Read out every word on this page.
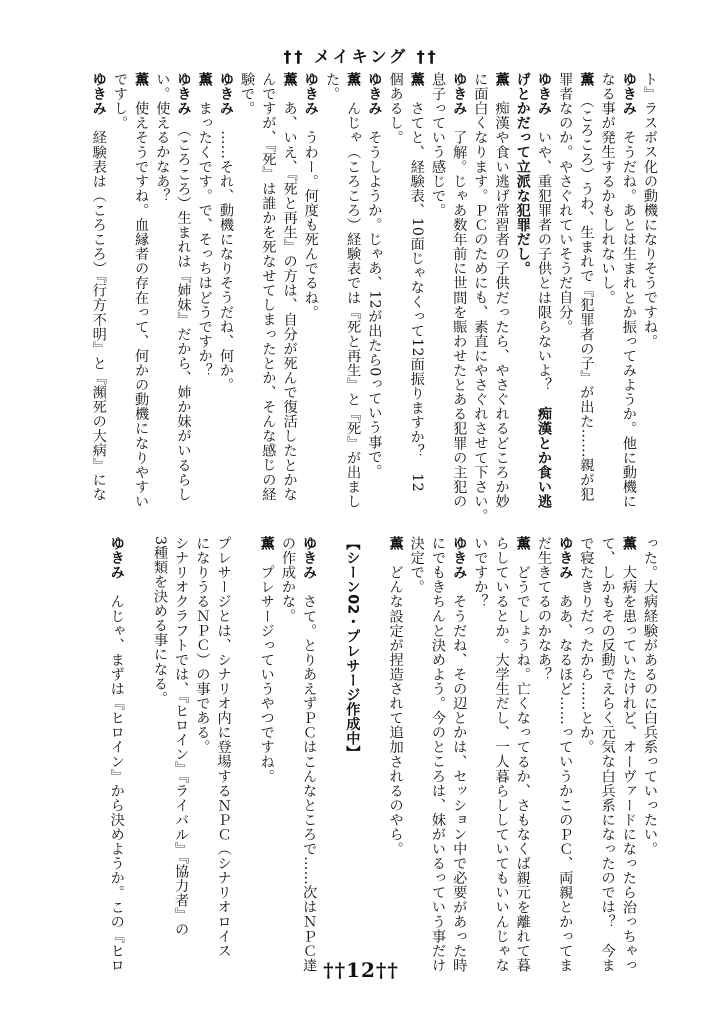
†† メイキング ††
ト』ラスボス化の動機になりそうですね。
ゆきみ　そうだね。あとは生まれとか振ってみようか。他に動機に
なる事が発生するかもしれないし。
薫　（ころころ）うわ、生まれで『犯罪者の子』が出た……親が犯
罪者なのか。やさぐれていそうだ自分。
ゆきみ　いや、重犯罪者の子供とは限らないよ？　痴漢とか食い逃
げとかだって立派な犯罪だし。
薫　痴漢や食い逃げ常習者の子供だったら、やさぐれるどころか妙
に面白くなります。ＰＣのためにも、素直にやさぐれさせて下さい。
ゆきみ　了解。じゃあ数年前に世間を賑わせたとある犯罪の主犯の
息子っていう感じで。
薫　さてと、経験表、10面じゃなくって12面振りますか？　12
個あるし。
ゆきみ　そうしようか。じゃあ、12が出たら0っていう事で。
薫　んじゃ（ころころ）経験表では『死と再生』と『死』が出まし
た。
ゆきみ　うわー。何度も死んでるね。
薫　あ、いえ、『死と再生』の方は、自分が死んで復活したとかな
んですが、『死』は誰かを死なせてしまったとか、そんな感じの経
験で。
ゆきみ　……それ、動機になりそうだね、何か。
薫　まったくです。で、そっちはどうですか？
ゆきみ　（ころころ）生まれは『姉妹』だから、姉か妹がいるらし
い。使えるかなあ？
薫　使えそうですね。血縁者の存在って、何かの動機になりやすい
ですし。
ゆきみ　経験表は（ころころ）『行方不明』と『瀕死の大病』にな
った。大病経験があるのに白兵系っていったい。
薫　大病を患っていたけれど、オーヴァードになったら治っちゃっ
て、しかもその反動でえらく元気な白兵系になったのでは？　今ま
で寝たきりだったから……とか。
ゆきみ　ああ、なるほど……っていうかこのＰＣ、両親とかってま
だ生きてるのかなあ？
薫　どうでしょうね。亡くなってるか、さもなくば親元を離れて暮
らしているとか。大学生だし、一人暮らししていてもいいんじゃな
いですか？
ゆきみ　そうだね、その辺とかは、セッション中で必要があった時
にでもきちんと決めよう。今のところは、妹がいるっていう事だけ
決定で。
薫　どんな設定が捏造されて追加されるのやら。
【シーン02・プレサージ作成中】
ゆきみ　さて。とりあえずＰＣはこんなところで……次はＮＰＣ達
の作成かな。
薫　プレサージっていうやつですね。
プレサージとは、シナリオ内に登場するＮＰＣ（シナリオロイス
になりうるＮＰＣ）の事である。
シナリオクラフトでは、『ヒロイン』『ライバル』『協力者』の
3種類を決める事になる。
ゆきみ　んじゃ、まずは『ヒロイン』から決めようか。この『ヒロ	††12††
